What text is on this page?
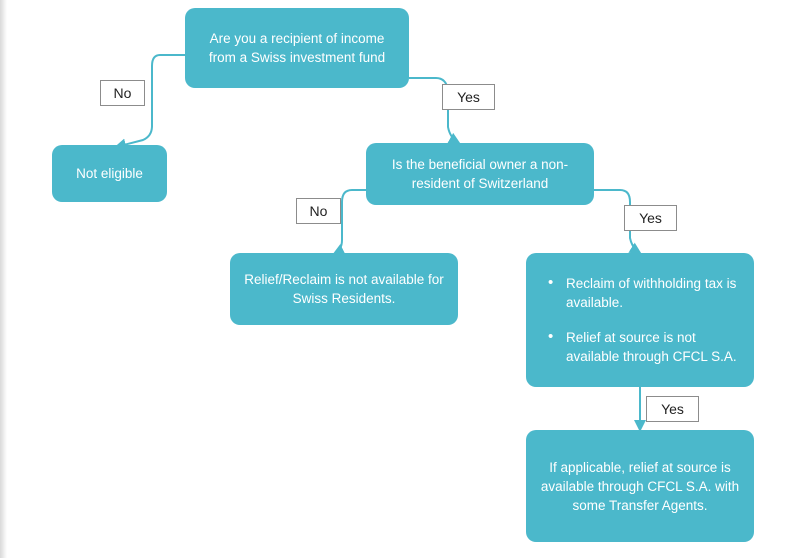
Are you a recipient of income from a Swiss investment fund
Not eligible
Is the beneficial owner a non-resident of Switzerland
Relief/Reclaim is not available for Swiss Residents.
• Reclaim of withholding tax is available.
• Relief at source is not available through CFCL S.A.
If applicable, relief at source is available through CFCL S.A. with some Transfer Agents.
No	Yes
No	Yes
Yes
